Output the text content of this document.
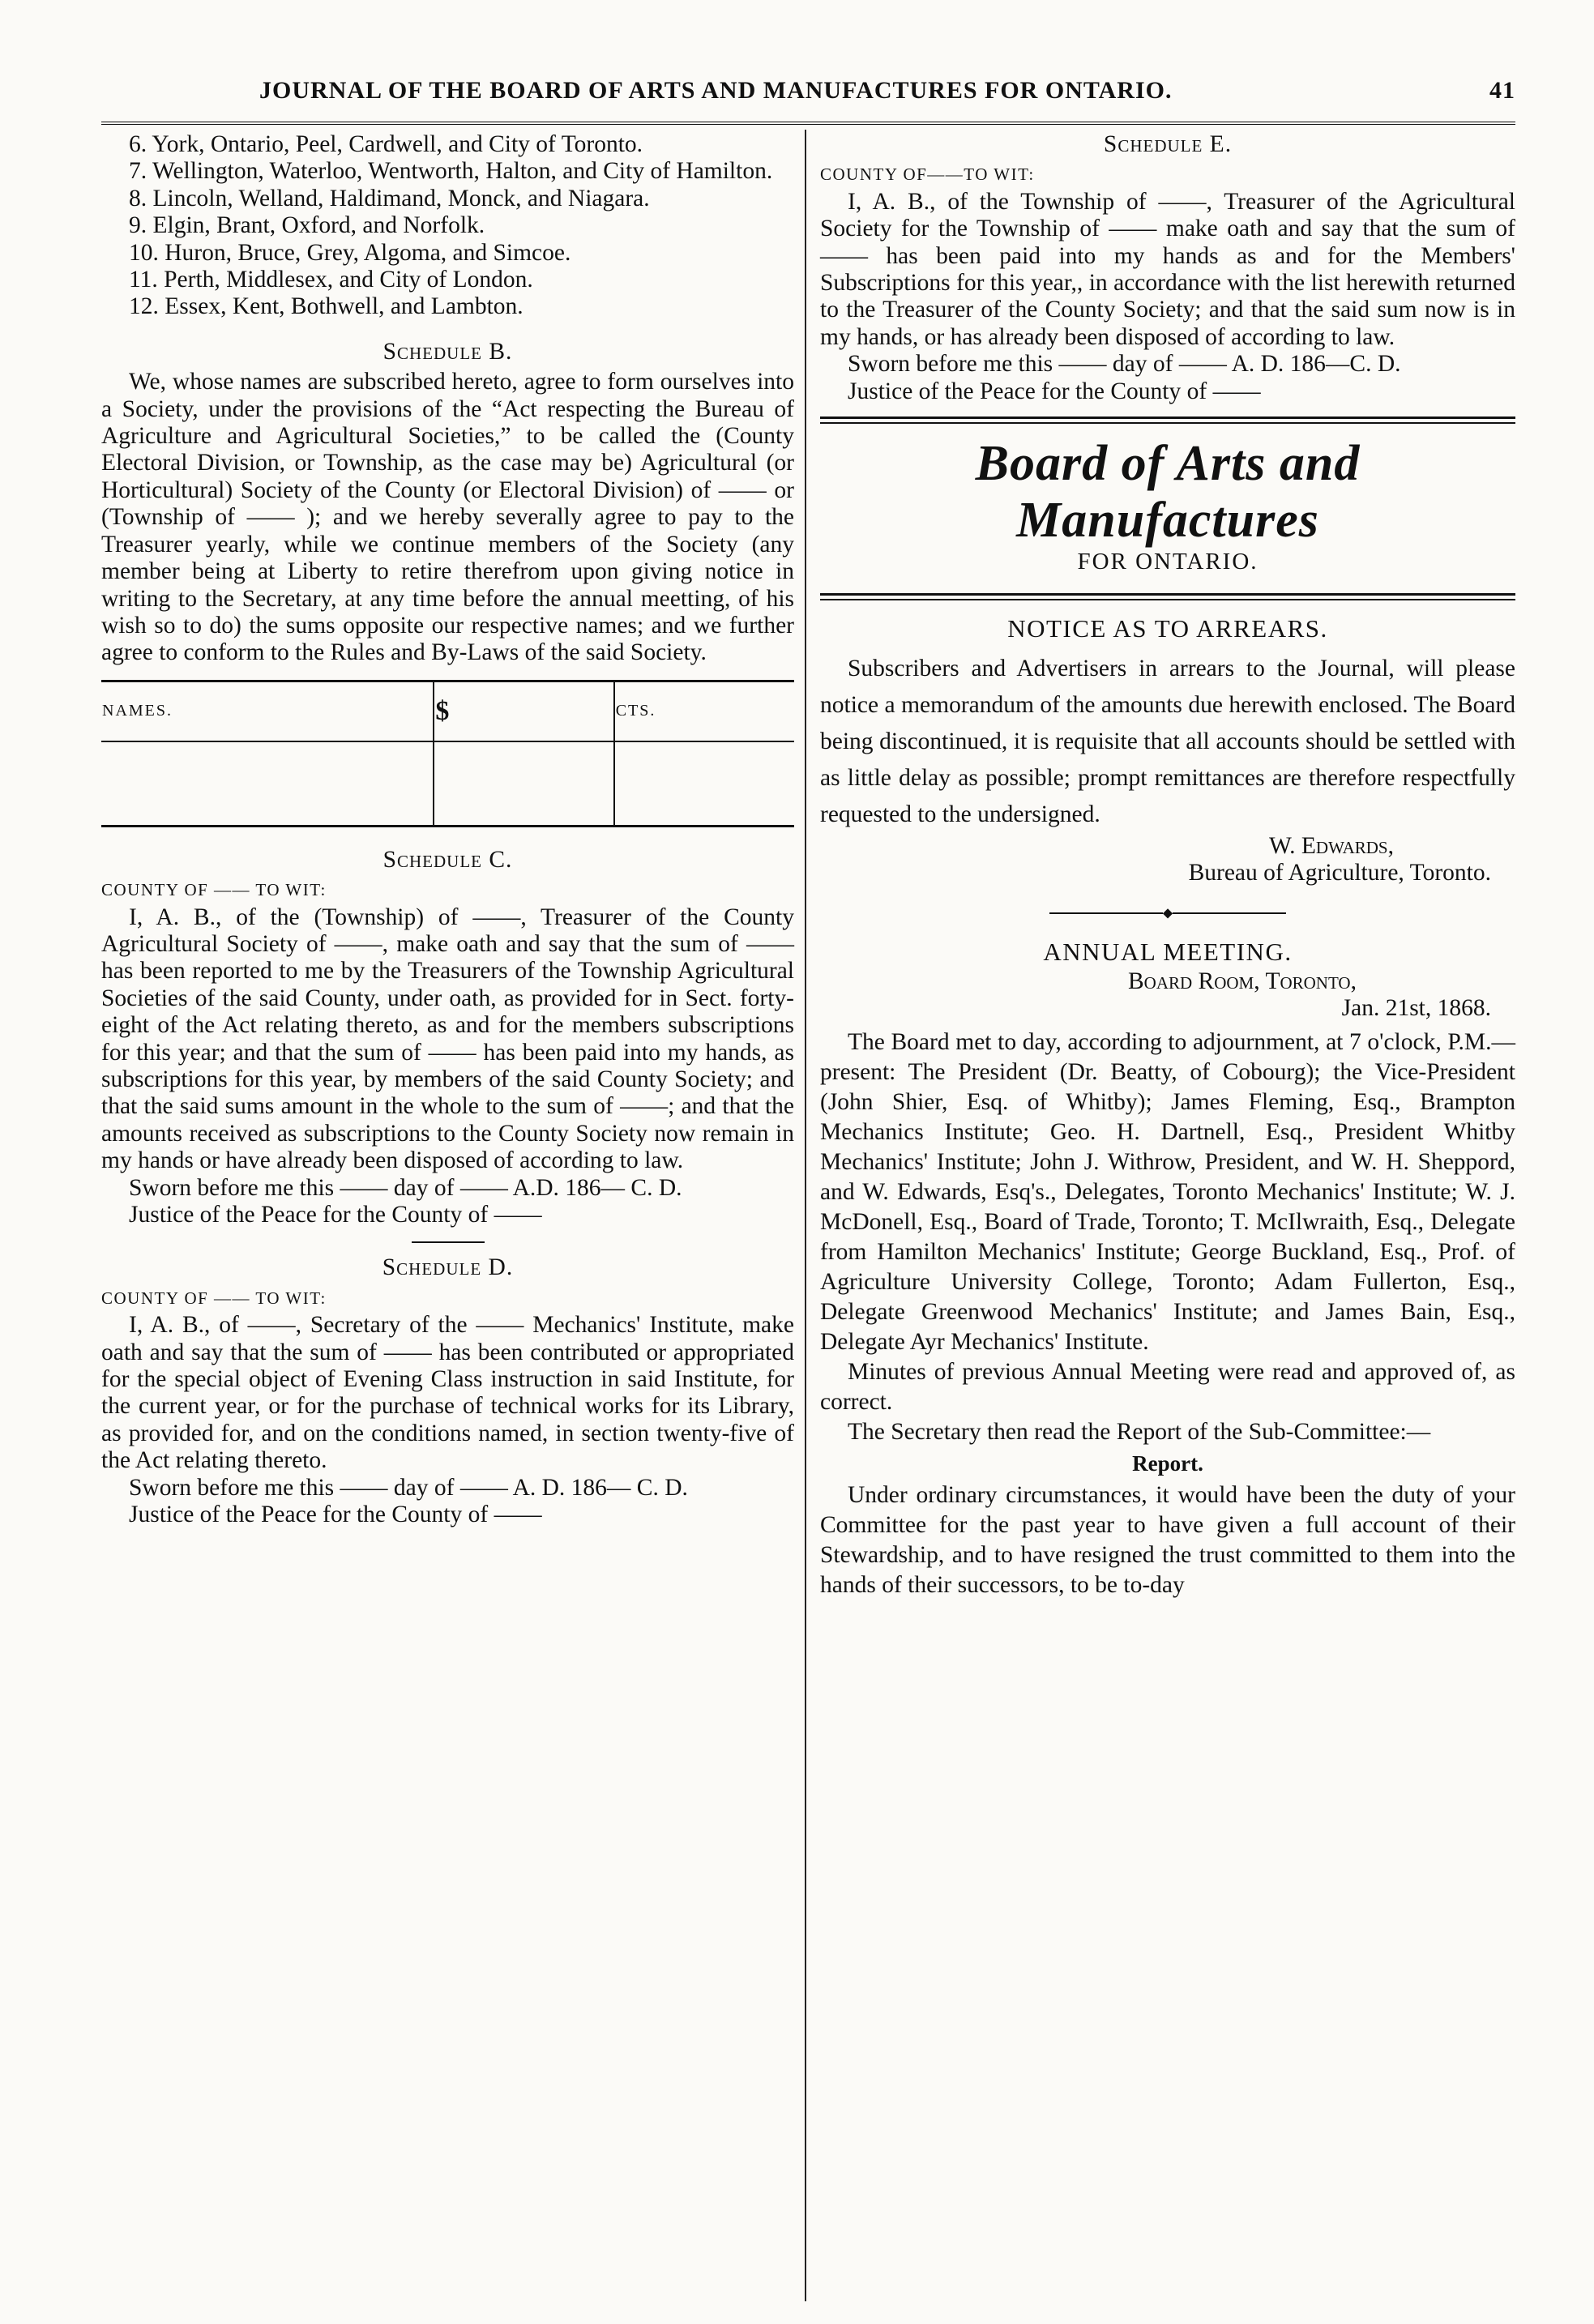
JOURNAL OF THE BOARD OF ARTS AND MANUFACTURES FOR ONTARIO.	41

6. York, Ontario, Peel, Cardwell, and City of Toronto.

7. Wellington, Waterloo, Wentworth, Halton, and City of Hamilton.

8. Lincoln, Welland, Haldimand, Monck, and Niagara.

9. Elgin, Brant, Oxford, and Norfolk.

10. Huron, Bruce, Grey, Algoma, and Simcoe.

11. Perth, Middlesex, and City of London.

12. Essex, Kent, Bothwell, and Lambton.

Schedule B.

We, whose names are subscribed hereto, agree to form ourselves into a Society, under the provisions of the “Act respecting the Bureau of Agriculture and Agricultural Societies,” to be called the (County Electoral Division, or Township, as the case may be) Agricultural (or Horticultural) Society of the County (or Electoral Division) of —— or (Township of —— ); and we hereby severally agree to pay to the Treasurer yearly, while we continue members of the Society (any member being at Liberty to retire therefrom upon giving notice in writing to the Secretary, at any time before the annual meetting, of his wish so to do) the sums opposite our respective names; and we further agree to conform to the Rules and By-Laws of the said Society.

NAMES.	$	CTS.

Schedule C.

COUNTY OF —— TO WIT:

I, A. B., of the (Township) of ——, Treasurer of the County Agricultural Society of ——, make oath and say that the sum of —— has been reported to me by the Treasurers of the Township Agricultural Societies of the said County, under oath, as provided for in Sect. forty-eight of the Act relating thereto, as and for the members subscriptions for this year; and that the sum of —— has been paid into my hands, as subscriptions for this year, by members of the said County Society; and that the said sums amount in the whole to the sum of ——; and that the amounts received as subscriptions to the County Society now remain in my hands or have already been disposed of according to law.

Sworn before me this —— day of —— A.D. 186— C. D.

Justice of the Peace for the County of ——

Schedule D.

COUNTY OF —— TO WIT:

I, A. B., of ——, Secretary of the —— Mechanics' Institute, make oath and say that the sum of —— has been contributed or appropriated for the special object of Evening Class instruction in said Institute, for the current year, or for the purchase of technical works for its Library, as provided for, and on the conditions named, in section twenty-five of the Act relating thereto.

Sworn before me this —— day of —— A. D. 186— C. D.

Justice of the Peace for the County of ——

Schedule E.

COUNTY OF——TO WIT:

I, A. B., of the Township of ——, Treasurer of the Agricultural Society for the Township of —— make oath and say that the sum of —— has been paid into my hands as and for the Members' Subscriptions for this year,, in accordance with the list herewith returned to the Treasurer of the County Society; and that the said sum now is in my hands, or has already been disposed of according to law.

Sworn before me this —— day of —— A. D. 186—C. D.

Justice of the Peace for the County of ——

Board of Arts and Manufactures

FOR ONTARIO.

NOTICE AS TO ARREARS.

Subscribers and Advertisers in arrears to the Journal, will please notice a memorandum of the amounts due herewith enclosed. The Board being discontinued, it is requisite that all accounts should be settled with as little delay as possible; prompt remittances are therefore respectfully requested to the undersigned.

W. Edwards,

Bureau of Agriculture, Toronto.

◆

ANNUAL MEETING.

Board Room, Toronto,

Jan. 21st, 1868.

The Board met to day, according to adjournment, at 7 o'clock, P.M.—present: The President (Dr. Beatty, of Cobourg); the Vice-President (John Shier, Esq. of Whitby); James Fleming, Esq., Brampton Mechanics Institute; Geo. H. Dartnell, Esq., President Whitby Mechanics' Institute; John J. Withrow, President, and W. H. Sheppord, and W. Edwards, Esq's., Delegates, Toronto Mechanics' Institute; W. J. McDonell, Esq., Board of Trade, Toronto; T. McIlwraith, Esq., Delegate from Hamilton Mechanics' Institute; George Buckland, Esq., Prof. of Agriculture University College, Toronto; Adam Fullerton, Esq., Delegate Greenwood Mechanics' Institute; and James Bain, Esq., Delegate Ayr Mechanics' Institute.

Minutes of previous Annual Meeting were read and approved of, as correct.

The Secretary then read the Report of the Sub-Committee:—

Report.

Under ordinary circumstances, it would have been the duty of your Committee for the past year to have given a full account of their Stewardship, and to have resigned the trust committed to them into the hands of their successors, to be to-day
